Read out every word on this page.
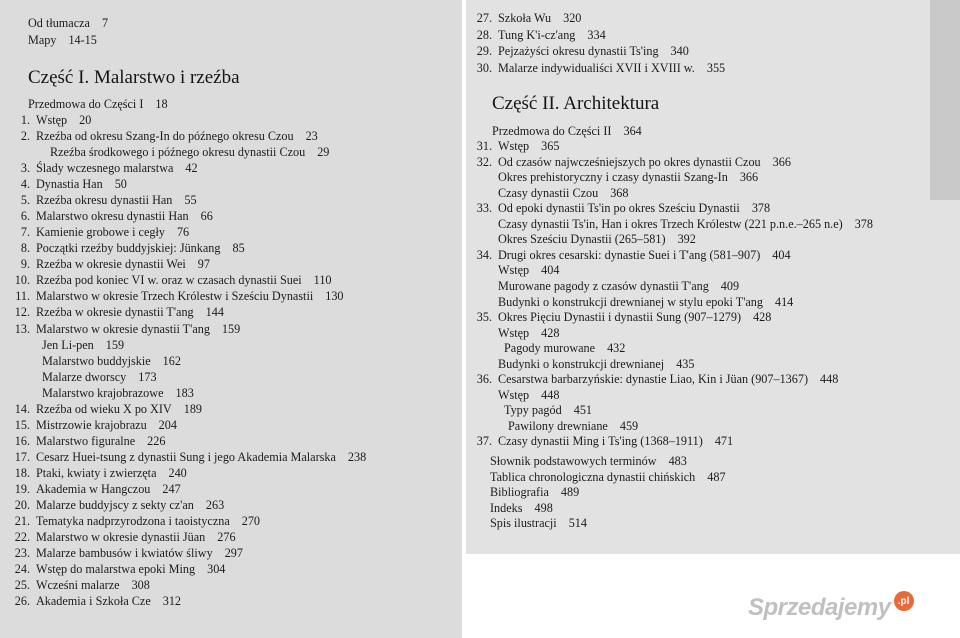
Od tłumacza 7
Mapy 14-15
Część I. Malarstwo i rzeźba
Przedmowa do Części I 18
1. Wstęp 20
2. Rzeźba od okresu Szang-In do późnego okresu Czou 23
Rzeźba środkowego i późnego okresu dynastii Czou 29
3. Ślady wczesnego malarstwa 42
4. Dynastia Han 50
5. Rzeźba okresu dynastii Han 55
6. Malarstwo okresu dynastii Han 66
7. Kamienie grobowe i cegły 76
8. Początki rzeźby buddyjskiej: Jünkang 85
9. Rzeźba w okresie dynastii Wei 97
10. Rzeźba pod koniec VI w. oraz w czasach dynastii Suei 110
11. Malarstwo w okresie Trzech Królestw i Sześciu Dynastii 130
12. Rzeźba w okresie dynastii T'ang 144
13. Malarstwo w okresie dynastii T'ang 159
Jen Li-pen 159
Malarstwo buddyjskie 162
Malarze dworscy 173
Malarstwo krajobrazowe 183
14. Rzeźba od wieku X po XIV 189
15. Mistrzowie krajobrazu 204
16. Malarstwo figuralne 226
17. Cesarz Huei-tsung z dynastii Sung i jego Akademia Malarska 238
18. Ptaki, kwiaty i zwierzęta 240
19. Akademia w Hangczou 247
20. Malarze buddyjscy z sekty cz'an 263
21. Tematyka nadprzyrodzona i taoistyczna 270
22. Malarstwo w okresie dynastii Jüan 276
23. Malarze bambusów i kwiatów śliwy 297
24. Wstęp do malarstwa epoki Ming 304
25. Wcześni malarze 308
26. Akademia i Szkoła Cze 312
27. Szkoła Wu 320
28. Tung K'i-cz'ang 334
29. Pejzażyści okresu dynastii Ts'ing 340
30. Malarze indywidualiści XVII i XVIII w. 355
Część II. Architektura
Przedmowa do Części II 364
31. Wstęp 365
32. Od czasów najwcześniejszych po okres dynastii Czou 366
Okres prehistoryczny i czasy dynastii Szang-In 366
Czasy dynastii Czou 368
33. Od epoki dynastii Ts'in po okres Sześciu Dynastii 378
Czasy dynastii Ts'in, Han i okres Trzech Królestw (221 p.n.e.–265 n.e) 378
Okres Sześciu Dynastii (265–581) 392
34. Drugi okres cesarski: dynastie Suei i T'ang (581–907) 404
Wstęp 404
Murowane pagody z czasów dynastii T'ang 409
Budynki o konstrukcji drewnianej w stylu epoki T'ang 414
35. Okres Pięciu Dynastii i dynastii Sung (907–1279) 428
Wstęp 428
Pagody murowane 432
Budynki o konstrukcji drewnianej 435
36. Cesarstwa barbarzyńskie: dynastie Liao, Kin i Jüan (907–1367) 448
Wstęp 448
Typy pagód 451
Pawilony drewniane 459
37. Czasy dynastii Ming i Ts'ing (1368–1911) 471
Słownik podstawowych terminów 483
Tablica chronologiczna dynastii chińskich 487
Bibliografia 489
Indeks 498
Spis ilustracji 514
Sprzedajemy .pl
